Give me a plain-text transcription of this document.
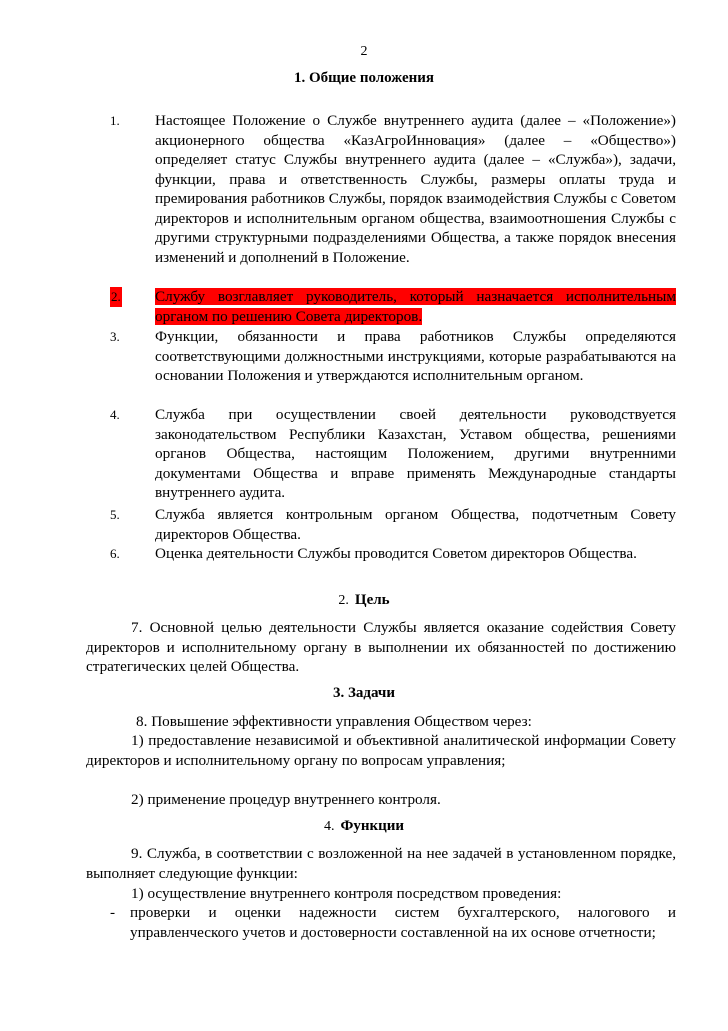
2
1. Общие положения
1.	Настоящее Положение о Службе внутреннего аудита (далее – «Положение») акционерного общества «КазАгроИнновация» (далее – «Общество») определяет статус Службы внутреннего аудита (далее – «Служба»), задачи, функции, права и ответственность Службы, размеры оплаты труда и премирования работников Службы, порядок взаимодействия Службы с Советом директоров и исполнительным органом общества, взаимоотношения Службы с другими структурными подразделениями Общества, а также порядок внесения изменений и дополнений в Положение.
2.	Службу возглавляет руководитель, который назначается исполнительным органом по решению Совета директоров.
3.	Функции, обязанности и права работников Службы определяются соответствующими должностными инструкциями, которые разрабатываются на основании Положения и утверждаются исполнительным органом.
4.	Служба при осуществлении своей деятельности руководствуется законодательством Республики Казахстан, Уставом общества, решениями органов Общества, настоящим Положением, другими внутренними документами Общества и вправе применять Международные стандарты внутреннего аудита.
5.	Служба является контрольным органом Общества, подотчетным Совету директоров Общества.
6.	Оценка деятельности Службы проводится Советом директоров Общества.
2. Цель
7. Основной целью деятельности Службы является оказание содействия Совету директоров и исполнительному органу в выполнении их обязанностей по достижению стратегических целей Общества.
3. Задачи
8. Повышение эффективности управления Обществом через:
1) предоставление независимой и объективной аналитической информации Совету директоров и исполнительному органу по вопросам управления;
2) применение процедур внутреннего контроля.
4. Функции
9. Служба, в соответствии с возложенной на нее задачей в установленном порядке, выполняет следующие функции:
1) осуществление внутреннего контроля посредством проведения:
- проверки и оценки надежности систем бухгалтерского, налогового и управленческого учетов и достоверности составленной на их основе отчетности;
